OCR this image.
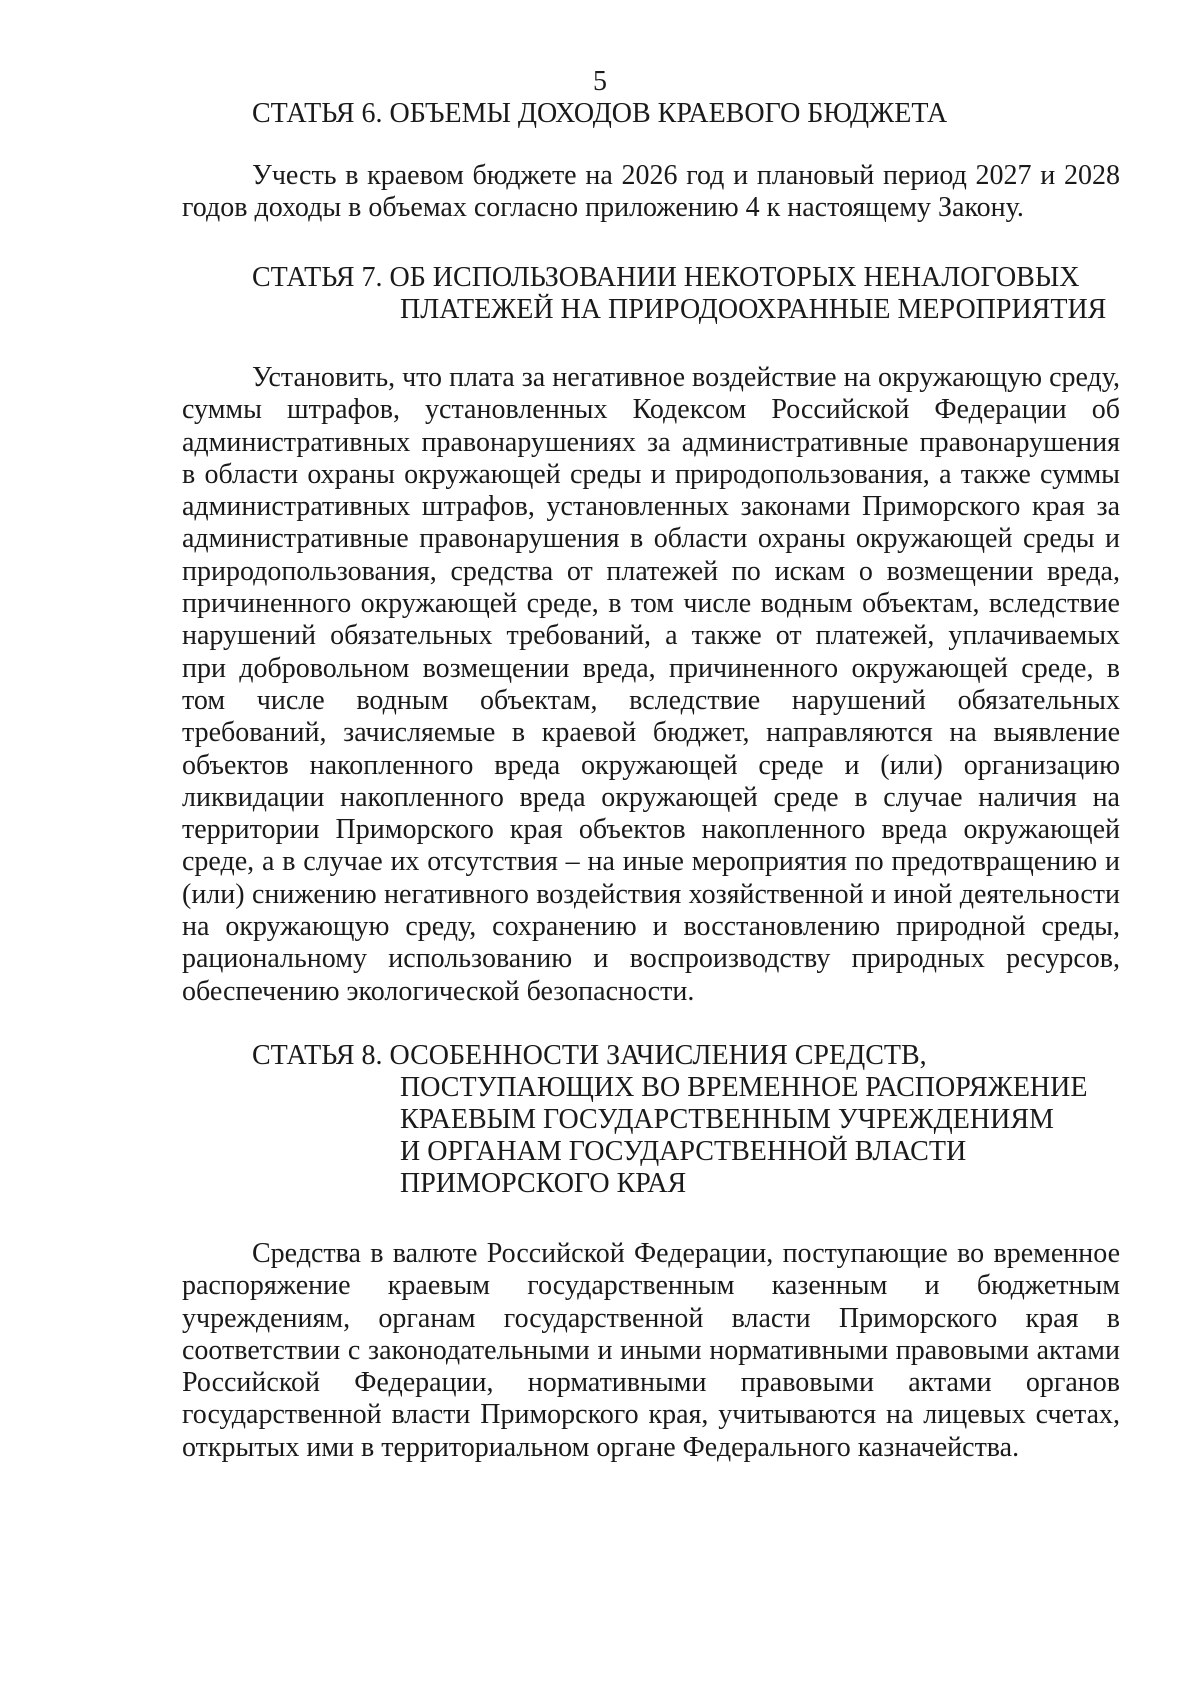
5
СТАТЬЯ 6. ОБЪЕМЫ ДОХОДОВ КРАЕВОГО БЮДЖЕТА

Учесть в краевом бюджете на 2026 год и плановый период 2027 и 2028 годов доходы в объемах согласно приложению 4 к настоящему Закону.

СТАТЬЯ 7. ОБ ИСПОЛЬЗОВАНИИ НЕКОТОРЫХ НЕНАЛОГОВЫХ
ПЛАТЕЖЕЙ НА ПРИРОДООХРАННЫЕ МЕРОПРИЯТИЯ

Установить, что плата за негативное воздействие на окружающую среду, суммы штрафов, установленных Кодексом Российской Федерации об административных правонарушениях за административные правонарушения в области охраны окружающей среды и природопользования, а также суммы административных штрафов, установленных законами Приморского края за административные правонарушения в области охраны окружающей среды и природопользования, средства от платежей по искам о возмещении вреда, причиненного окружающей среде, в том числе водным объектам, вследствие нарушений обязательных требований, а также от платежей, уплачиваемых при добровольном возмещении вреда, причиненного окружающей среде, в том числе водным объектам, вследствие нарушений обязательных требований, зачисляемые в краевой бюджет, направляются на выявление объектов накопленного вреда окружающей среде и (или) организацию ликвидации накопленного вреда окружающей среде в случае наличия на территории Приморского края объектов накопленного вреда окружающей среде, а в случае их отсутствия – на иные мероприятия по предотвращению и (или) снижению негативного воздействия хозяйственной и иной деятельности на окружающую среду, сохранению и восстановлению природной среды, рациональному использованию и воспроизводству природных ресурсов, обеспечению экологической безопасности.

СТАТЬЯ 8. ОСОБЕННОСТИ ЗАЧИСЛЕНИЯ СРЕДСТВ,
ПОСТУПАЮЩИХ ВО ВРЕМЕННОЕ РАСПОРЯЖЕНИЕ
КРАЕВЫМ ГОСУДАРСТВЕННЫМ УЧРЕЖДЕНИЯМ
И ОРГАНАМ ГОСУДАРСТВЕННОЙ ВЛАСТИ
ПРИМОРСКОГО КРАЯ

Средства в валюте Российской Федерации, поступающие во временное распоряжение краевым государственным казенным и бюджетным учреждениям, органам государственной власти Приморского края в соответствии с законодательными и иными нормативными правовыми актами Российской Федерации, нормативными правовыми актами органов государственной власти Приморского края, учитываются на лицевых счетах, открытых ими в территориальном органе Федерального казначейства.
